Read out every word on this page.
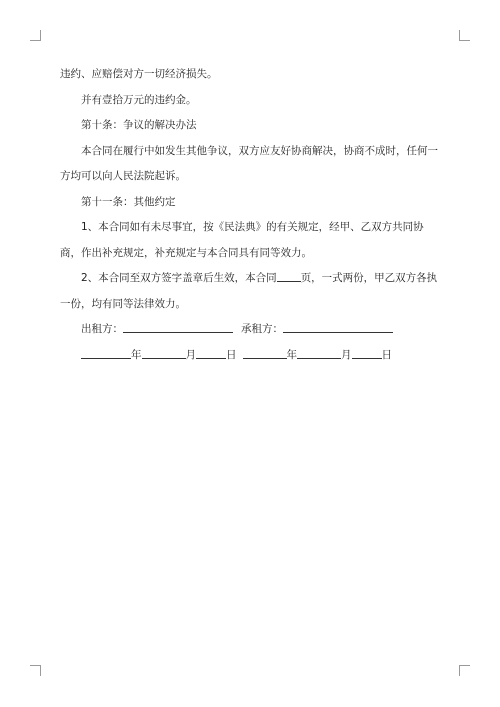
违约、应赔偿对方一切经济损失。

并有壹拾万元的违约金。

第十条：争议的解决办法

本合同在履行中如发生其他争议，双方应友好协商解决，协商不成时，任何一方均可以向人民法院起诉。

第十一条：其他约定

1、本合同如有未尽事宜，按《民法典》的有关规定，经甲、乙双方共同协商，作出补充规定，补充规定与本合同具有同等效力。

2、本合同至双方签字盖章后生效，本合同 页，一式两份，甲乙双方各执一份，均有同等法律效力。

出租方：	承租方：

年	月	日	年	月	日
